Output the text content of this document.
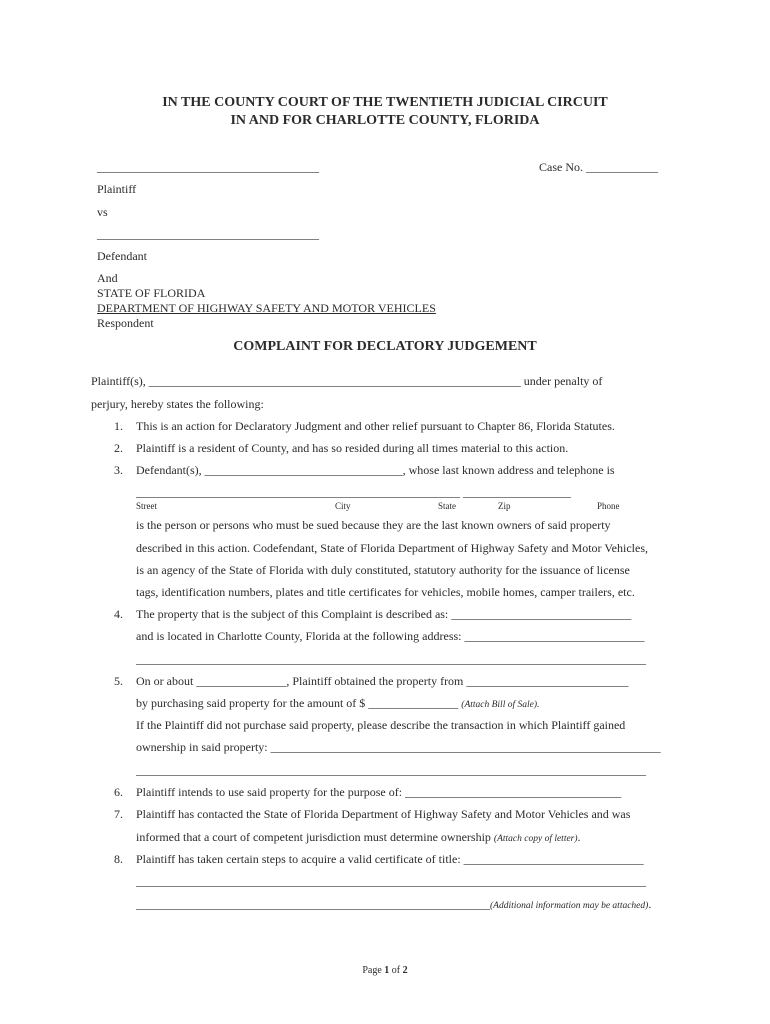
IN THE COUNTY COURT OF THE TWENTIETH JUDICIAL CIRCUIT
IN AND FOR CHARLOTTE COUNTY, FLORIDA
_____________________________________	Case No. ____________
Plaintiff
vs
_____________________________________
Defendant
And
STATE OF FLORIDA
DEPARTMENT OF HIGHWAY SAFETY AND MOTOR VEHICLES
Respondent
COMPLAINT FOR DECLATORY JUDGEMENT
Plaintiff(s), ______________________________________________________________ under penalty of
perjury, hereby states the following:
1. This is an action for Declaratory Judgment and other relief pursuant to Chapter 86, Florida Statutes.
2. Plaintiff is a resident of County, and has so resided during all times material to this action.
3. Defendant(s), _________________________________, whose last known address and telephone is
______________________________________________________ __________________
Street	City	State	Zip	Phone
is the person or persons who must be sued because they are the last known owners of said property
described in this action. Codefendant, State of Florida Department of Highway Safety and Motor Vehicles,
is an agency of the State of Florida with duly constituted, statutory authority for the issuance of license
tags, identification numbers, plates and title certificates for vehicles, mobile homes, camper trailers, etc.
4. The property that is the subject of this Complaint is described as: ______________________________
and is located in Charlotte County, Florida at the following address: ______________________________
_____________________________________________________________________________________
5. On or about _______________, Plaintiff obtained the property from ___________________________
by purchasing said property for the amount of $ _______________ (Attach Bill of Sale).
If the Plaintiff did not purchase said property, please describe the transaction in which Plaintiff gained
ownership in said property: _________________________________________________________________
_____________________________________________________________________________________
6. Plaintiff intends to use said property for the purpose of: ____________________________________
7. Plaintiff has contacted the State of Florida Department of Highway Safety and Motor Vehicles and was
informed that a court of competent jurisdiction must determine ownership (Attach copy of letter).
8. Plaintiff has taken certain steps to acquire a valid certificate of title: ______________________________
_____________________________________________________________________________________
___________________________________________________________(Additional information may be attached).
Page 1 of 2
